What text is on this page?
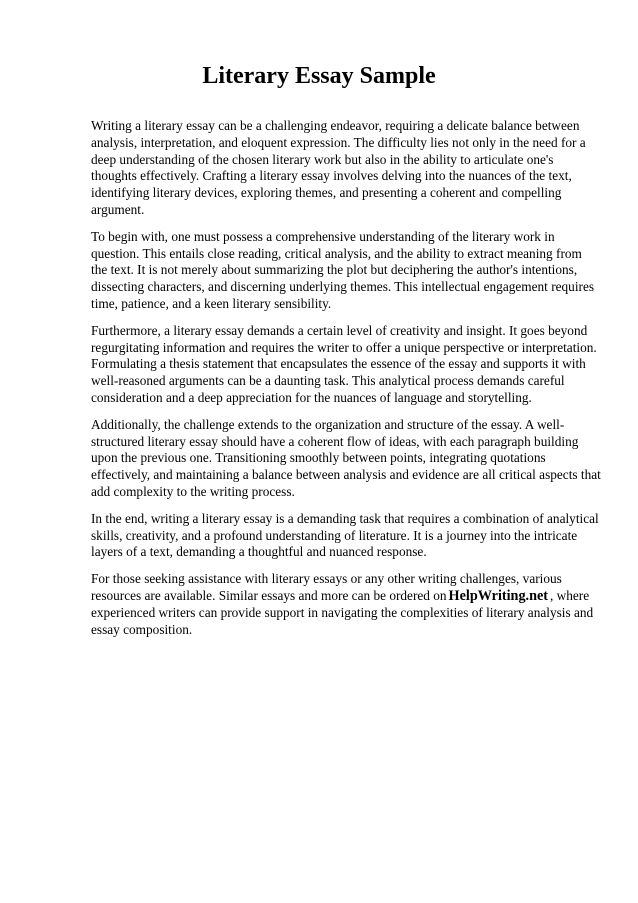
Literary Essay Sample

Writing a literary essay can be a challenging endeavor, requiring a delicate balance between analysis, interpretation, and eloquent expression. The difficulty lies not only in the need for a deep understanding of the chosen literary work but also in the ability to articulate one's thoughts effectively. Crafting a literary essay involves delving into the nuances of the text, identifying literary devices, exploring themes, and presenting a coherent and compelling argument.

To begin with, one must possess a comprehensive understanding of the literary work in question. This entails close reading, critical analysis, and the ability to extract meaning from the text. It is not merely about summarizing the plot but deciphering the author's intentions, dissecting characters, and discerning underlying themes. This intellectual engagement requires time, patience, and a keen literary sensibility.

Furthermore, a literary essay demands a certain level of creativity and insight. It goes beyond regurgitating information and requires the writer to offer a unique perspective or interpretation. Formulating a thesis statement that encapsulates the essence of the essay and supports it with well-reasoned arguments can be a daunting task. This analytical process demands careful consideration and a deep appreciation for the nuances of language and storytelling.

Additionally, the challenge extends to the organization and structure of the essay. A well-structured literary essay should have a coherent flow of ideas, with each paragraph building upon the previous one. Transitioning smoothly between points, integrating quotations effectively, and maintaining a balance between analysis and evidence are all critical aspects that add complexity to the writing process.

In the end, writing a literary essay is a demanding task that requires a combination of analytical skills, creativity, and a profound understanding of literature. It is a journey into the intricate layers of a text, demanding a thoughtful and nuanced response.

For those seeking assistance with literary essays or any other writing challenges, various resources are available. Similar essays and more can be ordered on HelpWriting.net , where experienced writers can provide support in navigating the complexities of literary analysis and essay composition.
